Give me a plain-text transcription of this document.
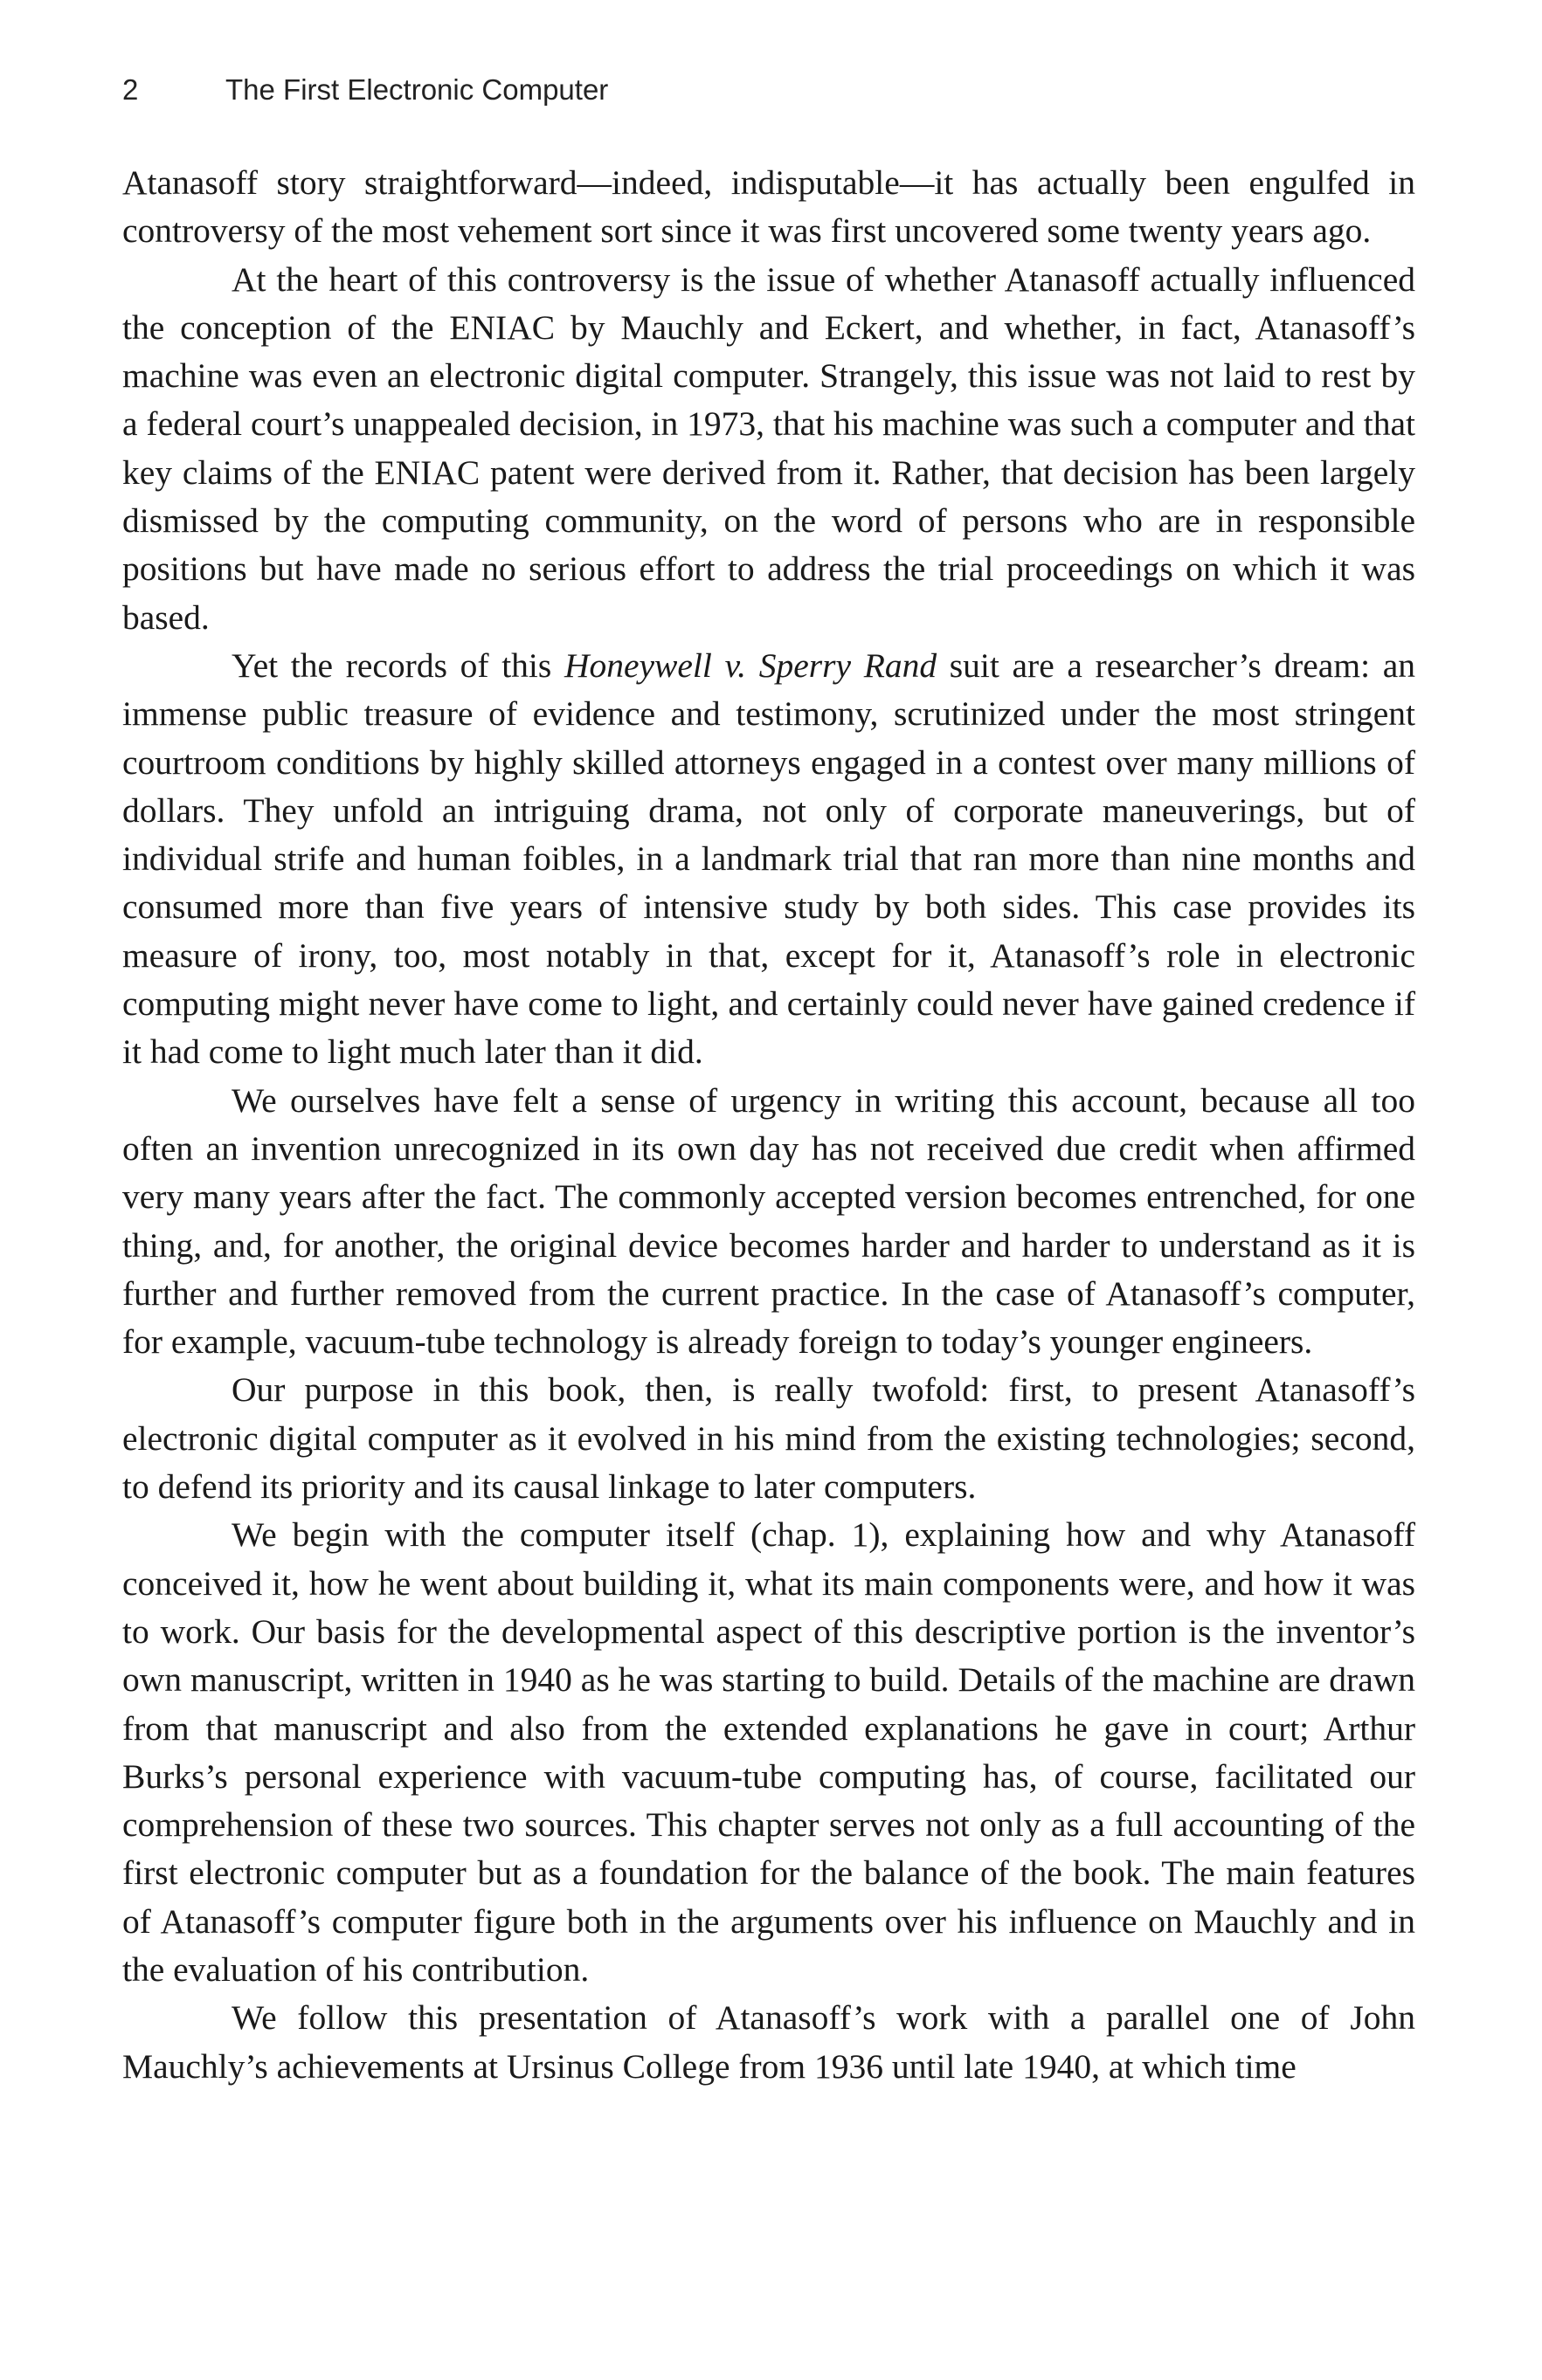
2	The First Electronic Computer

Atanasoff story straightforward—indeed, indisputable—it has actually been engulfed in controversy of the most vehement sort since it was first uncovered some twenty years ago.

At the heart of this controversy is the issue of whether Atanasoff actually influenced the conception of the ENIAC by Mauchly and Eckert, and whether, in fact, Atanasoff’s machine was even an electronic digital computer. Strangely, this issue was not laid to rest by a federal court’s unappealed decision, in 1973, that his machine was such a computer and that key claims of the ENIAC patent were derived from it. Rather, that decision has been largely dismissed by the computing community, on the word of persons who are in responsible positions but have made no serious effort to address the trial proceedings on which it was based.

Yet the records of this Honeywell v. Sperry Rand suit are a researcher’s dream: an immense public treasure of evidence and testimony, scrutinized under the most stringent courtroom conditions by highly skilled attorneys engaged in a contest over many millions of dollars. They unfold an intriguing drama, not only of corporate maneuverings, but of individual strife and human foibles, in a landmark trial that ran more than nine months and consumed more than five years of intensive study by both sides. This case provides its measure of irony, too, most notably in that, except for it, Atanasoff’s role in electronic computing might never have come to light, and certainly could never have gained credence if it had come to light much later than it did.

We ourselves have felt a sense of urgency in writing this account, because all too often an invention unrecognized in its own day has not received due credit when affirmed very many years after the fact. The commonly accepted version becomes entrenched, for one thing, and, for another, the original device becomes harder and harder to understand as it is further and further removed from the current practice. In the case of Atanasoff’s computer, for example, vacuum-tube technology is already foreign to today’s younger engineers.

Our purpose in this book, then, is really twofold: first, to present Atanasoff’s electronic digital computer as it evolved in his mind from the existing technologies; second, to defend its priority and its causal linkage to later computers.

We begin with the computer itself (chap. 1), explaining how and why Atanasoff conceived it, how he went about building it, what its main components were, and how it was to work. Our basis for the developmental aspect of this descriptive portion is the inventor’s own manuscript, written in 1940 as he was starting to build. Details of the machine are drawn from that manuscript and also from the extended explanations he gave in court; Arthur Burks’s personal experience with vacuum-tube computing has, of course, facilitated our comprehension of these two sources. This chapter serves not only as a full accounting of the first electronic computer but as a foundation for the balance of the book. The main features of Atanasoff’s computer figure both in the arguments over his influence on Mauchly and in the evaluation of his contribution.

We follow this presentation of Atanasoff’s work with a parallel one of John Mauchly’s achievements at Ursinus College from 1936 until late 1940, at which time
